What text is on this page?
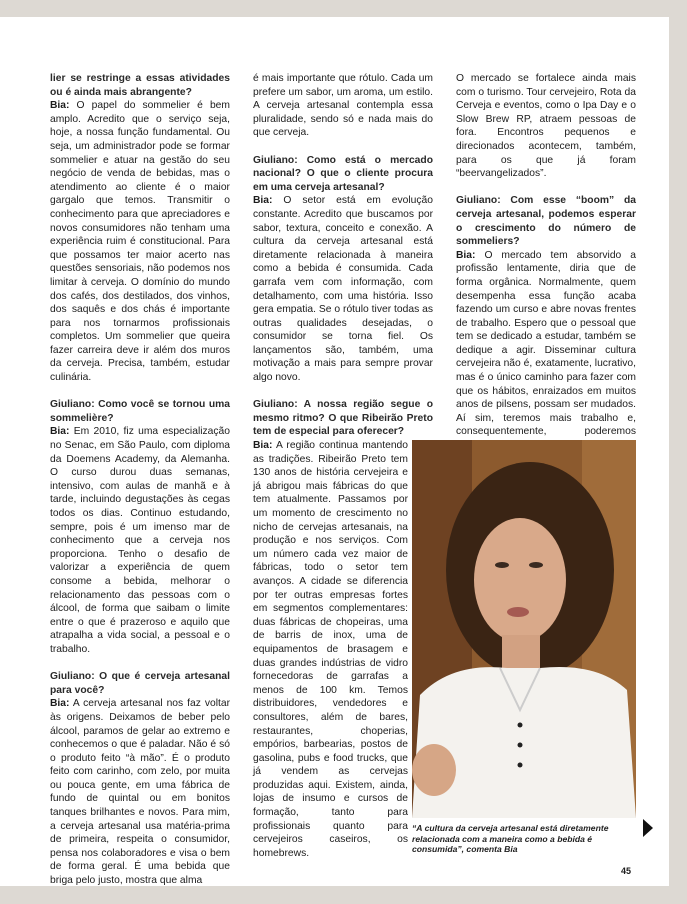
lier se restringe a essas atividades ou é ainda mais abrangente?

Bia: O papel do sommelier é bem amplo. Acredito que o serviço seja, hoje, a nossa função fundamental. Ou seja, um administrador pode se formar sommelier e atuar na gestão do seu negócio de venda de bebidas, mas o atendimento ao cliente é o maior gargalo que temos. Transmitir o conhecimento para que apreciadores e novos consumidores não tenham uma experiência ruim é constitucional. Para que possamos ter maior acerto nas questões sensoriais, não podemos nos limitar à cerveja. O domínio do mundo dos cafés, dos destilados, dos vinhos, dos saquês e dos chás é importante para nos tornarmos profissionais completos. Um sommelier que queira fazer carreira deve ir além dos muros da cerveja. Precisa, também, estudar culinária.

Giuliano: Como você se tornou uma sommelière?

Bia: Em 2010, fiz uma especialização no Senac, em São Paulo, com diploma da Doemens Academy, da Alemanha. O curso durou duas semanas, intensivo, com aulas de manhã e à tarde, incluindo degustações às cegas todos os dias. Continuo estudando, sempre, pois é um imenso mar de conhecimento que a cerveja nos proporciona. Tenho o desafio de valorizar a experiência de quem consome a bebida, melhorar o relacionamento das pessoas com o álcool, de forma que saibam o limite entre o que é prazeroso e aquilo que atrapalha a vida social, a pessoal e o trabalho.

Giuliano: O que é cerveja artesanal para você?

Bia: A cerveja artesanal nos faz voltar às origens. Deixamos de beber pelo álcool, paramos de gelar ao extremo e conhecemos o que é paladar. Não é só o produto feito “à mão”. É o produto feito com carinho, com zelo, por muita ou pouca gente, em uma fábrica de fundo de quintal ou em bonitos tanques brilhantes e novos. Para mim, a cerveja artesanal usa matéria-prima de primeira, respeita o consumidor, pensa nos colaboradores e visa o bem de forma geral. É uma bebida que briga pelo justo, mostra que alma

é mais importante que rótulo. Cada um prefere um sabor, um aroma, um estilo. A cerveja artesanal contempla essa pluralidade, sendo só e nada mais do que cerveja.

Giuliano: Como está o mercado nacional? O que o cliente procura em uma cerveja artesanal?

Bia: O setor está em evolução constante. Acredito que buscamos por sabor, textura, conceito e conexão. A cultura da cerveja artesanal está diretamente relacionada à maneira como a bebida é consumida. Cada garrafa vem com informação, com detalhamento, com uma história. Isso gera empatia. Se o rótulo tiver todas as outras qualidades desejadas, o consumidor se torna fiel. Os lançamentos são, também, uma motivação a mais para sempre provar algo novo.

Giuliano: A nossa região segue o mesmo ritmo? O que Ribeirão Preto tem de especial para oferecer?

Bia: A região continua mantendo as tradições. Ribeirão Preto tem 130 anos de história cervejeira e já abrigou mais fábricas do que tem atualmente. Passamos por um momento de crescimento no nicho de cervejas artesanais, na produção e nos serviços. Com um número cada vez maior de fábricas, todo o setor tem avanços. A cidade se diferencia por ter outras empresas fortes em segmentos complementares: duas fábricas de chopeiras, uma de barris de inox, uma de equipamentos de brasagem e duas grandes indústrias de vidro fornecedoras de garrafas a menos de 100 km. Temos distribuidores, vendedores e consultores, além de bares, restaurantes, choperias, empórios, barbearias, postos de gasolina, pubs e food trucks, que já vendem as cervejas produzidas aqui. Existem, ainda, lojas de insumo e cursos de formação, tanto para profissionais quanto para cervejeiros caseiros, os homebrews.

O mercado se fortalece ainda mais com o turismo. Tour cervejeiro, Rota da Cerveja e eventos, como o Ipa Day e o Slow Brew RP, atraem pessoas de fora. Encontros pequenos e direcionados acontecem, também, para os que já foram “beervangelizados”.

Giuliano: Com esse “boom” da cerveja artesanal, podemos esperar o crescimento do número de sommeliers?

Bia: O mercado tem absorvido a profissão lentamente, diria que de forma orgânica. Normalmente, quem desempenha essa função acaba fazendo um curso e abre novas frentes de trabalho. Espero que o pessoal que tem se dedicado a estudar, também se dedique a agir. Disseminar cultura cervejeira não é, exatamente, lucrativo, mas é o único caminho para fazer com que os hábitos, enraizados em muitos anos de pilsens, possam ser mudados. Aí sim, teremos mais trabalho e, consequentemente, poderemos

“A cultura da cerveja artesanal está diretamente relacionada com a maneira como a bebida é consumida”, comenta Bia
45
